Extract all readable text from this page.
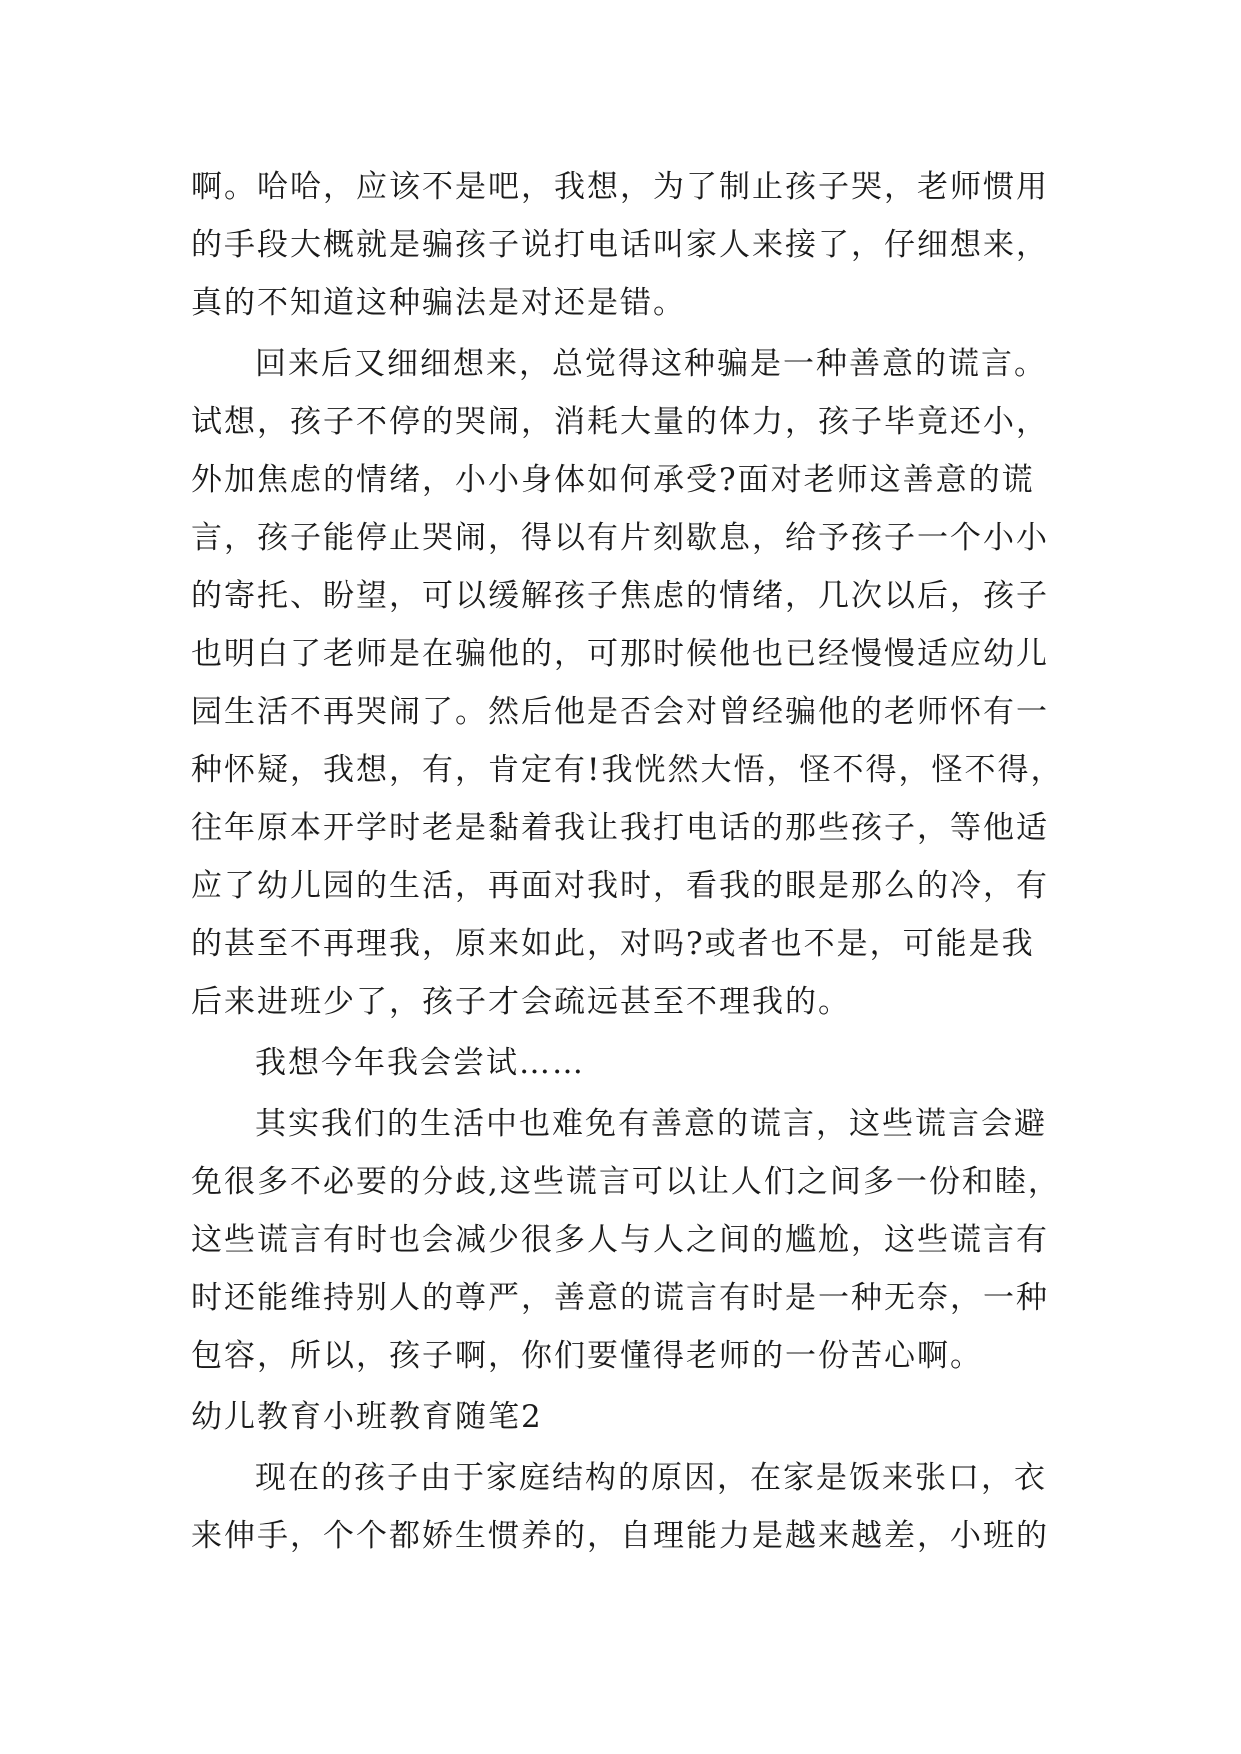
啊。哈哈，应该不是吧，我想，为了制止孩子哭，老师惯用
的手段大概就是骗孩子说打电话叫家人来接了，仔细想来，
真的不知道这种骗法是对还是错。
回来后又细细想来，总觉得这种骗是一种善意的谎言。
试想，孩子不停的哭闹，消耗大量的体力，孩子毕竟还小，
外加焦虑的情绪，小小身体如何承受?面对老师这善意的谎
言，孩子能停止哭闹，得以有片刻歇息，给予孩子一个小小
的寄托、盼望，可以缓解孩子焦虑的情绪，几次以后，孩子
也明白了老师是在骗他的，可那时候他也已经慢慢适应幼儿
园生活不再哭闹了。然后他是否会对曾经骗他的老师怀有一
种怀疑，我想，有，肯定有!我恍然大悟，怪不得，怪不得，
往年原本开学时老是黏着我让我打电话的那些孩子，等他适
应了幼儿园的生活，再面对我时，看我的眼是那么的冷，有
的甚至不再理我，原来如此，对吗?或者也不是，可能是我
后来进班少了，孩子才会疏远甚至不理我的。
我想今年我会尝试……
其实我们的生活中也难免有善意的谎言，这些谎言会避
免很多不必要的分歧,这些谎言可以让人们之间多一份和睦，
这些谎言有时也会减少很多人与人之间的尴尬，这些谎言有
时还能维持别人的尊严，善意的谎言有时是一种无奈，一种
包容，所以，孩子啊，你们要懂得老师的一份苦心啊。
幼儿教育小班教育随笔2
现在的孩子由于家庭结构的原因，在家是饭来张口，衣
来伸手，个个都娇生惯养的，自理能力是越来越差，小班的
